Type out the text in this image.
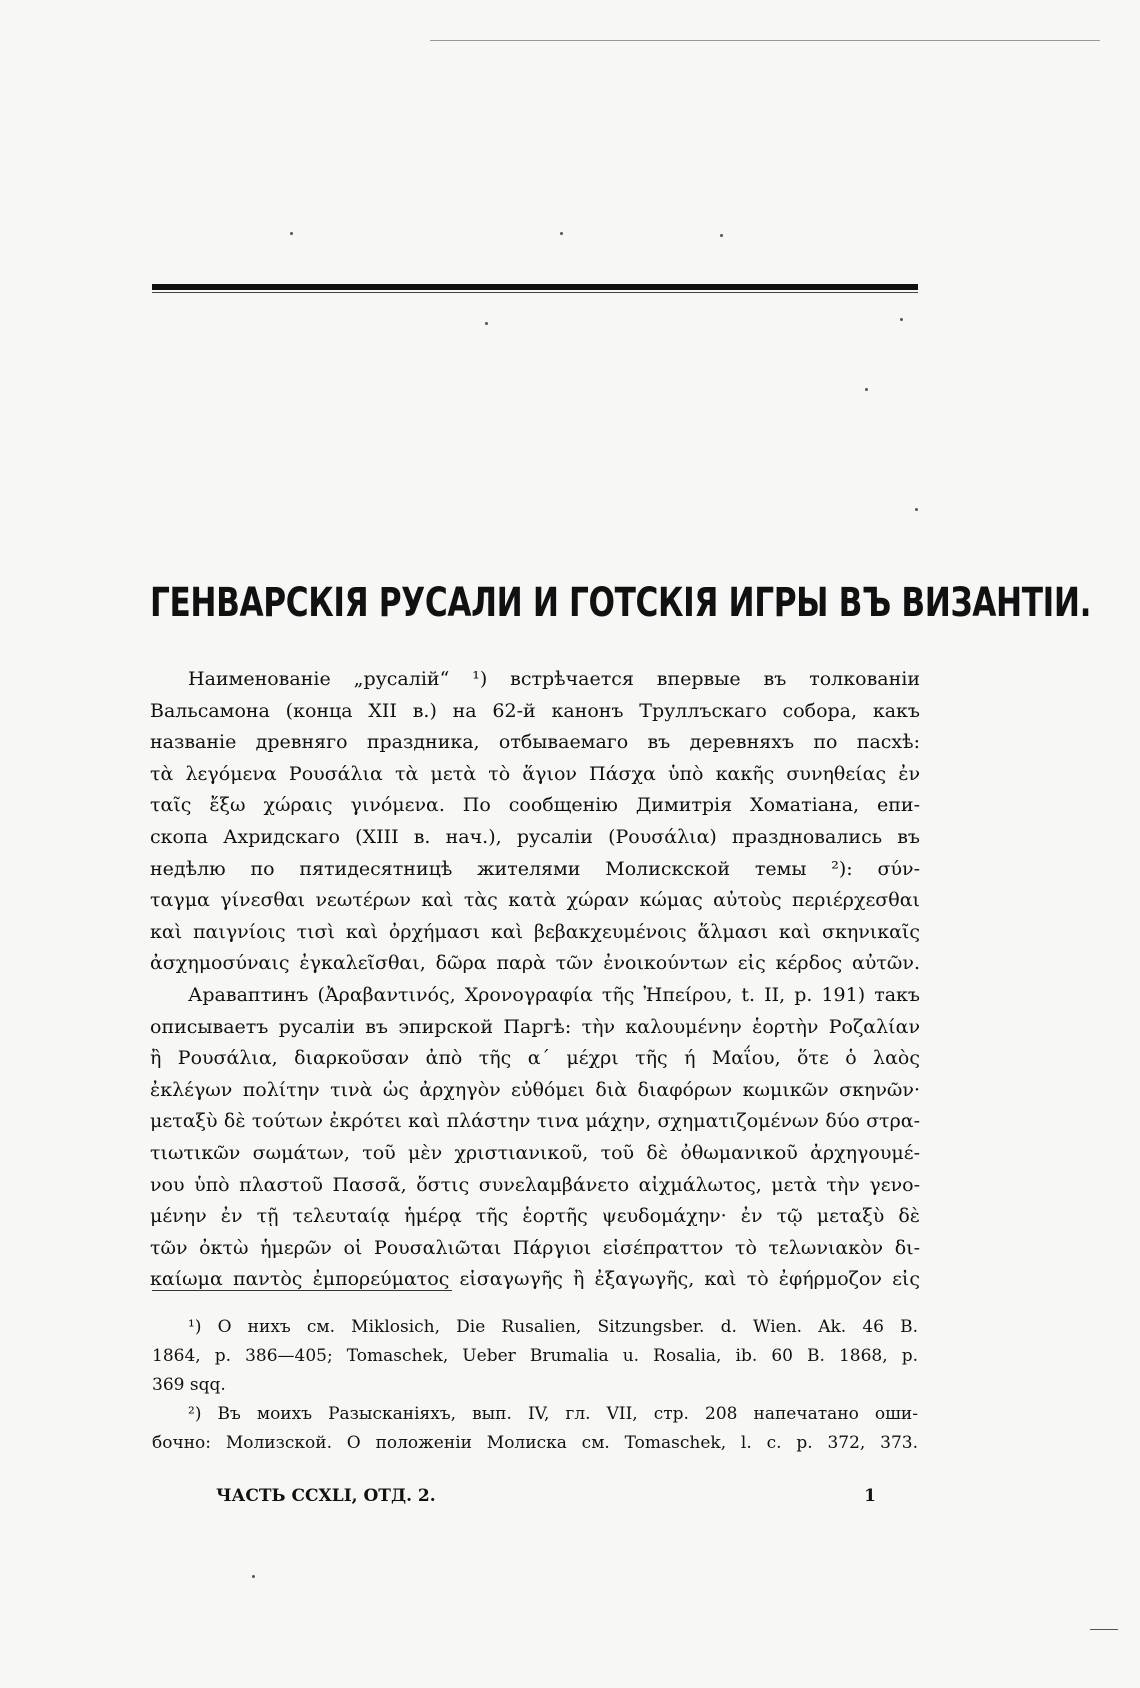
ГЕНВАРСКІЯ РУСАЛИ И ГОТСКІЯ ИГРЫ ВЪ ВИЗАНТІИ.
Наименованіе „русалій“ ¹) встрѣчается впервые въ толкованіи
Вальсамона (конца XII в.) на 62-й канонъ Труллъскаго собора, какъ
названіе древняго праздника, отбываемаго въ деревняхъ по пасхѣ:
τὰ λεγόμενα Ρουσάλια τὰ μετὰ τὸ ἅγιον Πάσχα ὑπὸ κακῆς συνηθείας ἐν
ταῖς ἔξω χώραις γινόμενα. По сообщенію Димитрія Хоматіана, епи-
скопа Ахридскаго (XIII в. нач.), русаліи (Ρουσάλια) праздновались въ
недѣлю по пятидесятницѣ жителями Молискской темы ²): σύν-
ταγμα γίνεσθαι νεωτέρων καὶ τὰς κατὰ χώραν κώμας αὐτοὺς περιέρχεσθαι
καὶ παιγνίοις τισὶ καὶ ὀρχήμασι καὶ βεβακχευμένοις ἅλμασι καὶ σκηνικαῖς
ἀσχημοσύναις ἐγκαλεῖσθαι, δῶρα παρὰ τῶν ἐνοικούντων εἰς κέρδος αὐτῶν.
Араваптинъ (Ἀραβαντινός, Χρονογραφία τῆς Ἠπείρου, t. II, p. 191) такъ
описываетъ русаліи въ эпирской Паргѣ: τὴν καλουμένην ἑορτὴν Ροζαλίαν
ἢ Ρουσάλια, διαρκοῦσαν ἀπὸ τῆς α΄ μέχρι τῆς ή Μαΐου, ὅτε ὁ λαὸς
ἐκλέγων πολίτην τινὰ ὡς ἀρχηγὸν εὐθόμει διὰ διαφόρων κωμικῶν σκηνῶν·
μεταξὺ δὲ τούτων ἐκρότει καὶ πλάστην τινα μάχην, σχηματιζομένων δύο στρα-
τιωτικῶν σωμάτων, τοῦ μὲν χριστιανικοῦ, τοῦ δὲ ὀθωμανικοῦ ἀρχηγουμέ-
νου ὑπὸ πλαστοῦ Πασσᾶ, ὅστις συνελαμβάνετο αἰχμάλωτος, μετὰ τὴν γενο-
μένην ἐν τῇ τελευταίᾳ ἡμέρᾳ τῆς ἑορτῆς ψευδομάχην· ἐν τῷ μεταξὺ δὲ
τῶν ὀκτὼ ἡμερῶν οἱ Ρουσαλιῶται Πάργιοι εἰσέπραττον τὸ τελωνιακὸν δι-
καίωμα παντὸς ἐμπορεύματος εἰσαγωγῆς ἢ ἐξαγωγῆς, καὶ τὸ ἐφήρμοζον εἰς
¹) О нихъ см. Miklosich, Die Rusalien, Sitzungsber. d. Wien. Ak. 46 B.
1864, p. 386—405; Tomaschek, Ueber Brumalia u. Rosalia, ib. 60 B. 1868, p.
369 sqq.
²) Въ моихъ Разысканіяхъ, вып. IV, гл. VII, стр. 208 напечатано оши-
бочно: Молизской. О положеніи Молиска см. Tomaschek, l. c. p. 372, 373.
ЧАСТЬ CCXLI, ОТД. 2.	1
